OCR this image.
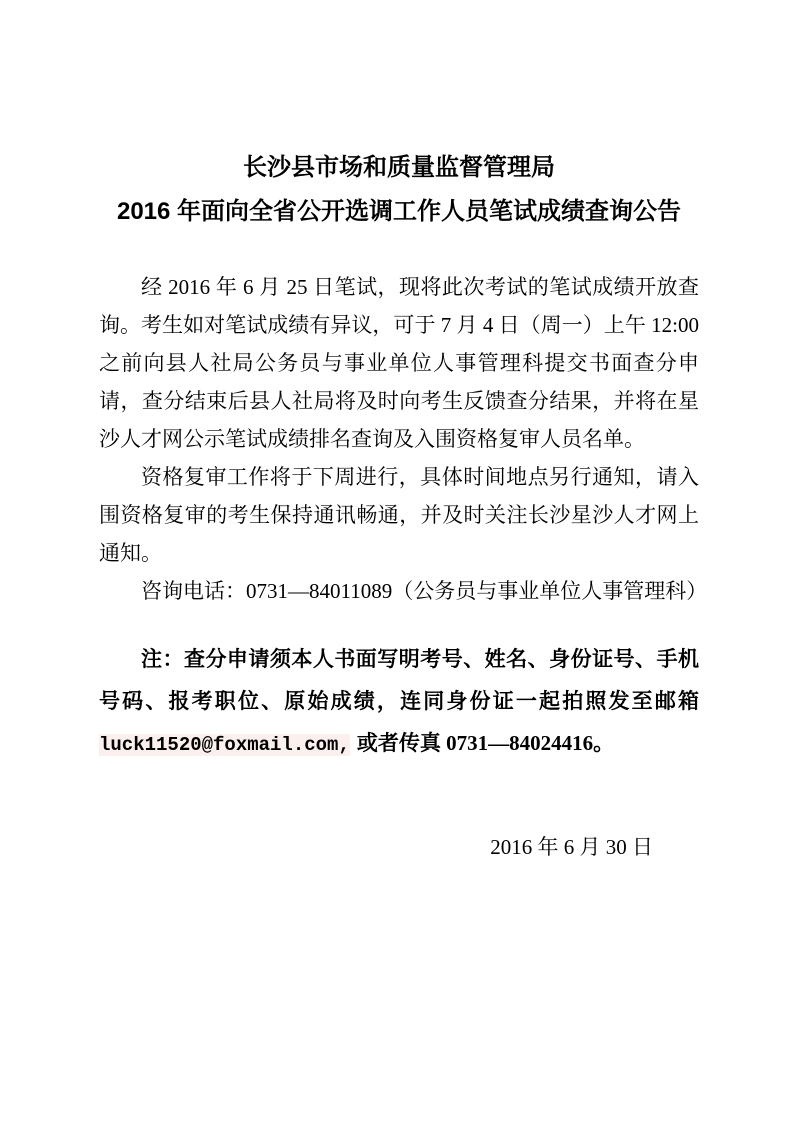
长沙县市场和质量监督管理局
2016 年面向全省公开选调工作人员笔试成绩查询公告

经 2016 年 6 月 25 日笔试，现将此次考试的笔试成绩开放查

询。考生如对笔试成绩有异议，可于 7 月 4 日（周一）上午 12:00

之前向县人社局公务员与事业单位人事管理科提交书面查分申

请，查分结束后县人社局将及时向考生反馈查分结果，并将在星

沙人才网公示笔试成绩排名查询及入围资格复审人员名单。

资格复审工作将于下周进行，具体时间地点另行通知，请入

围资格复审的考生保持通讯畅通，并及时关注长沙星沙人才网上

通知。

咨询电话：0731—84011089（公务员与事业单位人事管理科）

注：查分申请须本人书面写明考号、姓名、身份证号、手机

号码、报考职位、原始成绩，连同身份证一起拍照发至邮箱

luck11520@foxmail.com, 或者传真 0731—84024416。

2016 年 6 月 30 日
